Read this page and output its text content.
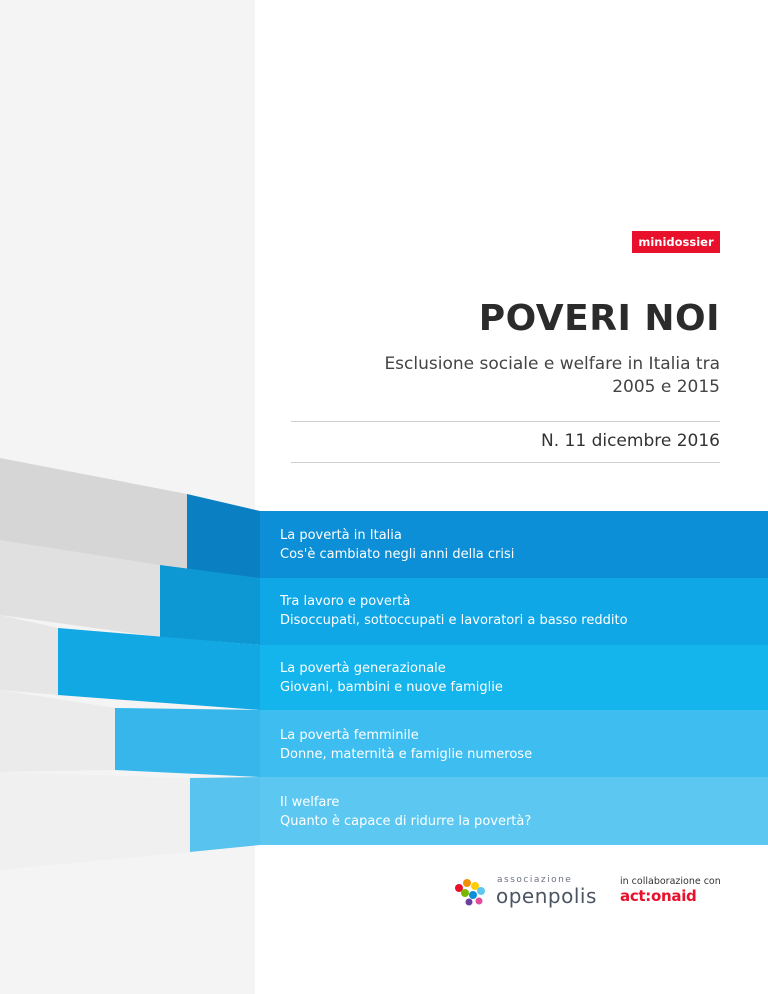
minidossier
POVERI NOI
Esclusione sociale e welfare in Italia tra 2005 e 2015
N. 11 dicembre 2016
La povertà in Italia
Cos'è cambiato negli anni della crisi
Tra lavoro e povertà
Disoccupati, sottoccupati e lavoratori a basso reddito
La povertà generazionale
Giovani, bambini e nuove famiglie
La povertà femminile
Donne, maternità e famiglie numerose
Il welfare
Quanto è capace di ridurre la povertà?
associazione
openpolis
in collaborazione con
act:onaid
